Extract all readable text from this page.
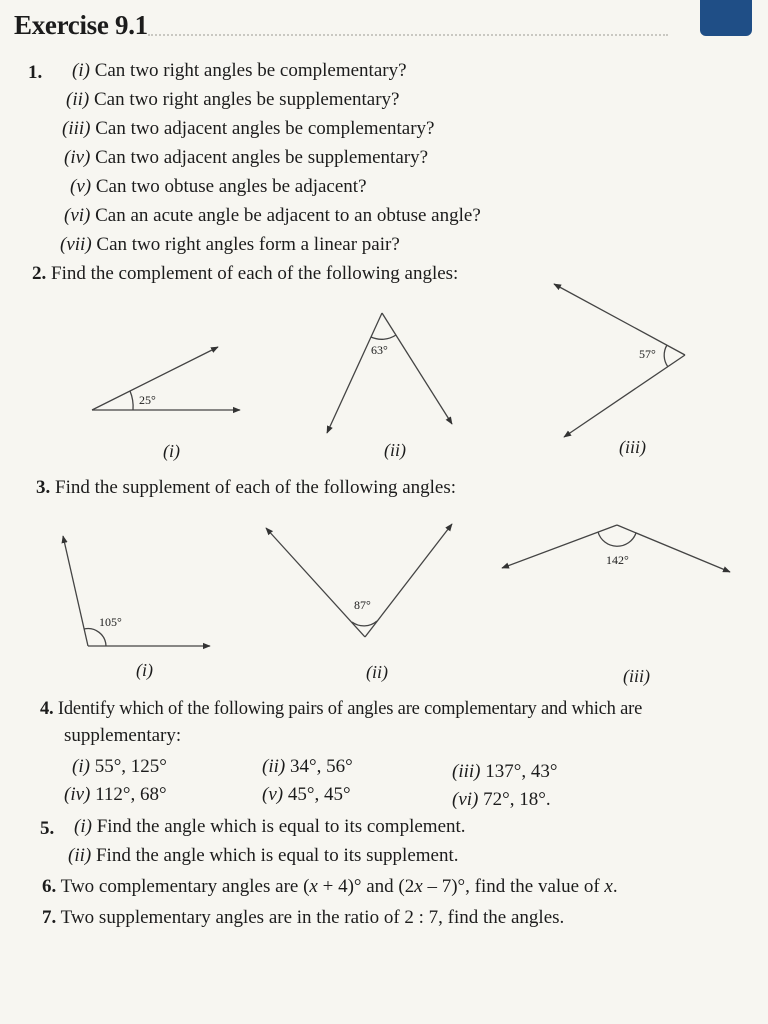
Exercise 9.1
1. (i) Can two right angles be complementary?
(ii) Can two right angles be supplementary?
(iii) Can two adjacent angles be complementary?
(iv) Can two adjacent angles be supplementary?
(v) Can two obtuse angles be adjacent?
(vi) Can an acute angle be adjacent to an obtuse angle?
(vii) Can two right angles form a linear pair?
2. Find the complement of each of the following angles:
3. Find the supplement of each of the following angles:
25°
63°	57°
(i)	(ii)	(iii)
105°
87°
142°
(i)	(ii)	(iii)
4. Identify which of the following pairs of angles are complementary and which are
supplementary:
(i) 55°, 125°	(ii) 34°, 56°	(iii) 137°, 43°
(iv) 112°, 68°	(v) 45°, 45°	(vi) 72°, 18°.
5. (i) Find the angle which is equal to its complement.
(ii) Find the angle which is equal to its supplement.
6. Two complementary angles are (x + 4)° and (2x – 7)°, find the value of x.
7. Two supplementary angles are in the ratio of 2 : 7, find the angles.
